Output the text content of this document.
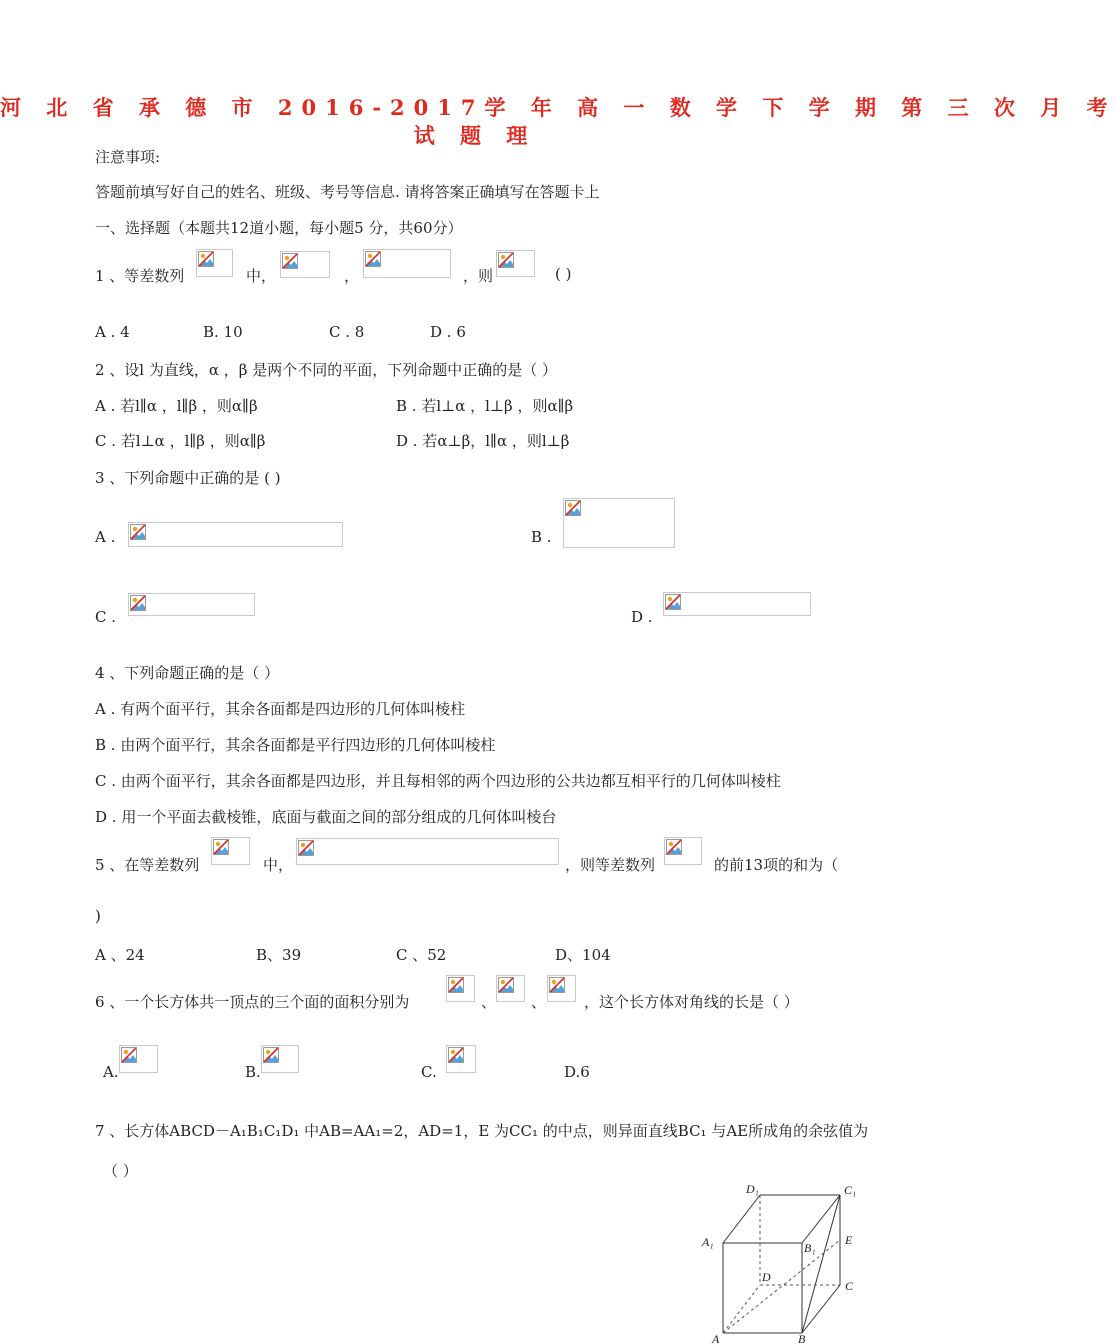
河 北 省 承 德 市 2016-2017学 年 高 一 数 学 下 学 期 第 三 次 月 考
试 题 理
注意事项:
答题前填写好自己的姓名、班级、考号等信息. 请将答案正确填写在答题卡上
一、选择题（本题共12道小题，每小题5 分，共60分）
1 、等差数列	中，	，	，则	( )
A . 4	B. 10	C . 8	D . 6
2 、设l 为直线，α ，β 是两个不同的平面，下列命题中正确的是（ ）
A . 若l∥α ，l∥β ，则α∥β	B . 若l⊥α ，l⊥β ，则α∥β
C . 若l⊥α ，l∥β ，则α∥β	D . 若α⊥β，l∥α ，则l⊥β
3 、下列命题中正确的是 ( )
A .	B .
C .	D .
4 、下列命题正确的是（ ）
A . 有两个面平行，其余各面都是四边形的几何体叫棱柱
B . 由两个面平行，其余各面都是平行四边形的几何体叫棱柱
C . 由两个面平行，其余各面都是四边形，并且每相邻的两个四边形的公共边都互相平行的几何体叫棱柱
D . 用一个平面去截棱锥，底面与截面之间的部分组成的几何体叫棱台
5 、在等差数列	中，	，则等差数列	的前13项的和为（
)
A 、24	B、39	C 、52	D、104
6 、一个长方体共一顶点的三个面的面积分别为	、 、	，这个长方体对角线的长是（ ）
A.	B.	C.	D.6
7 、长方体ABCD－A₁B₁C₁D₁ 中AB=AA₁=2，AD=1，E 为CC₁ 的中点，则异面直线BC₁ 与AE所成角的余弦值为
（ ）
D₁	C₁
A₁	B₁
E
D
C
A	B
